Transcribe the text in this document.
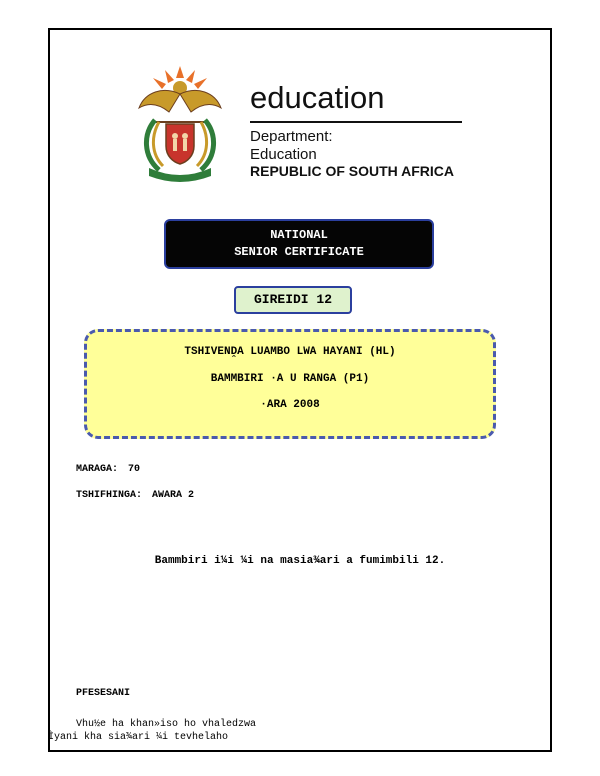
education
Department:
Education
REPUBLIC OF SOUTH AFRICA
NATIONAL
SENIOR CERTIFICATE
GIREIDI 12
TSHIVENḒA LUAMBO LWA HAYANI (HL)
BAMMBIRI ·A U RANGA (P1)
·ARA 2008
MARAGA: 70
TSHIFHINGA: AWARA 2
Bammbiri i¼i ¼i na masia¾ari a fumimbili 12.
PFESESANI
Vhu½e ha khan»iso ho vhaledzwa
Ìyani kha sia¾ari ¼i tevhelaho
